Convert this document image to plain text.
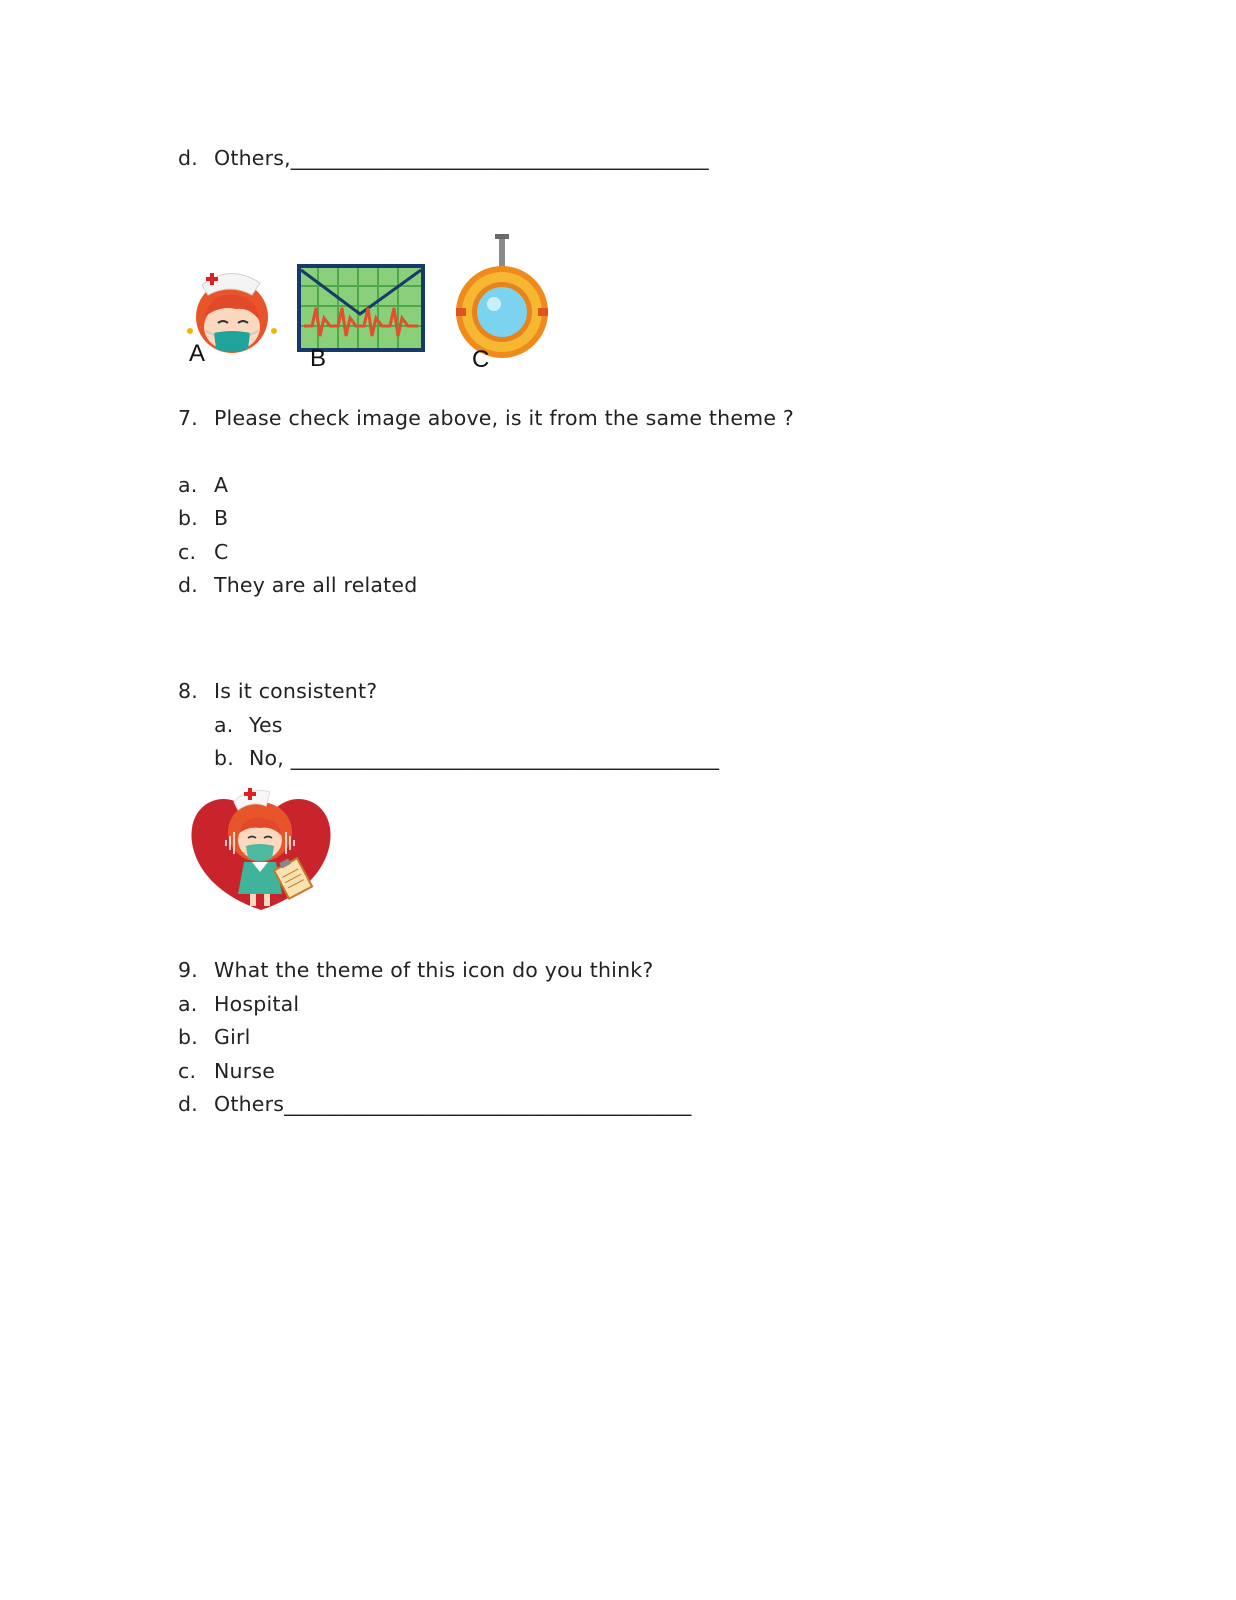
d. Others,________________________________________
A	B	C
7. Please check image above, is it from the same theme ?
a. A
b. B
c. C
d. They are all related
8. Is it consistent?
a. Yes
b. No, _________________________________________
9. What the theme of this icon do you think?
a. Hospital
b. Girl
c. Nurse
d. Others_______________________________________
